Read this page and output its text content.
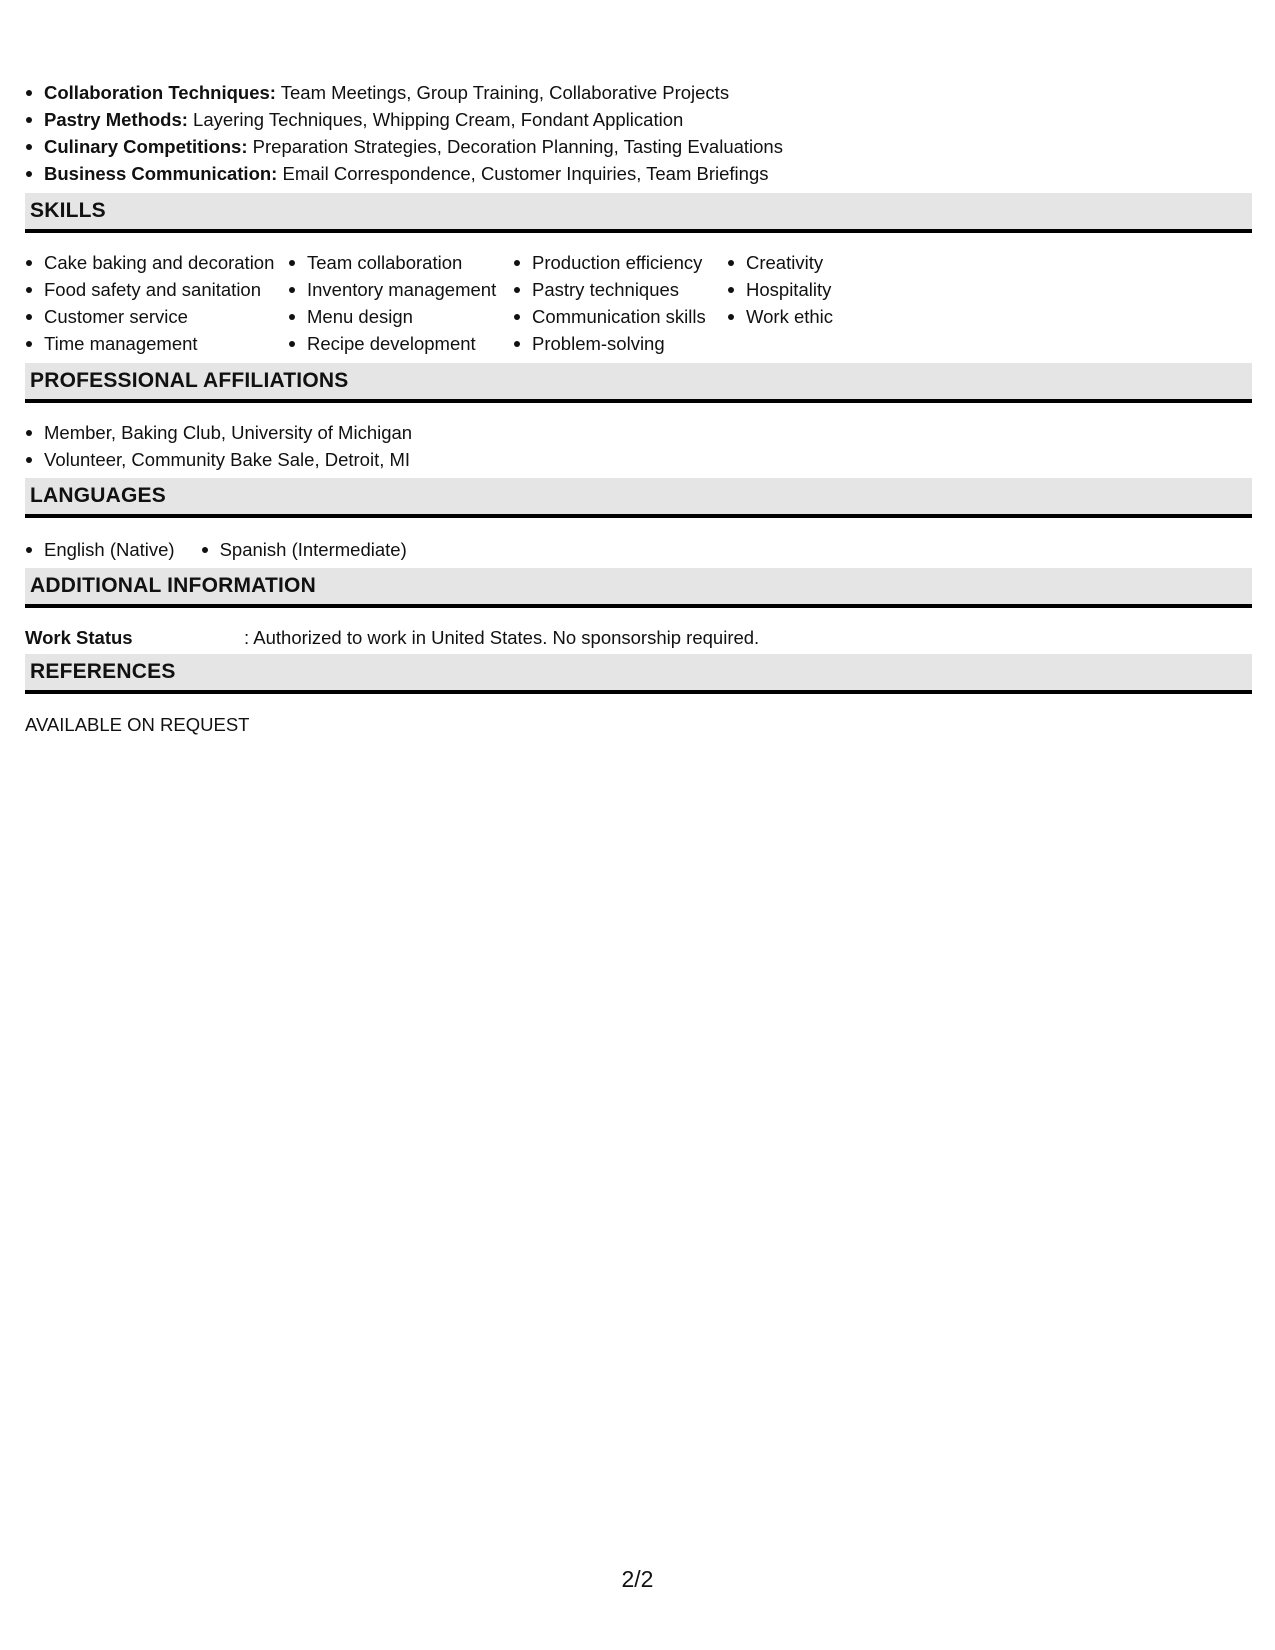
Collaboration Techniques: Team Meetings, Group Training, Collaborative Projects
Pastry Methods: Layering Techniques, Whipping Cream, Fondant Application
Culinary Competitions: Preparation Strategies, Decoration Planning, Tasting Evaluations
Business Communication: Email Correspondence, Customer Inquiries, Team Briefings
SKILLS
Cake baking and decoration
Food safety and sanitation
Customer service
Time management
Team collaboration
Inventory management
Menu design
Recipe development
Production efficiency
Pastry techniques
Communication skills
Problem-solving
Creativity
Hospitality
Work ethic
PROFESSIONAL AFFILIATIONS
Member, Baking Club, University of Michigan
Volunteer, Community Bake Sale, Detroit, MI
LANGUAGES
English (Native)	Spanish (Intermediate)
ADDITIONAL INFORMATION
Work Status	: Authorized to work in United States. No sponsorship required.
REFERENCES
AVAILABLE ON REQUEST
2/2
